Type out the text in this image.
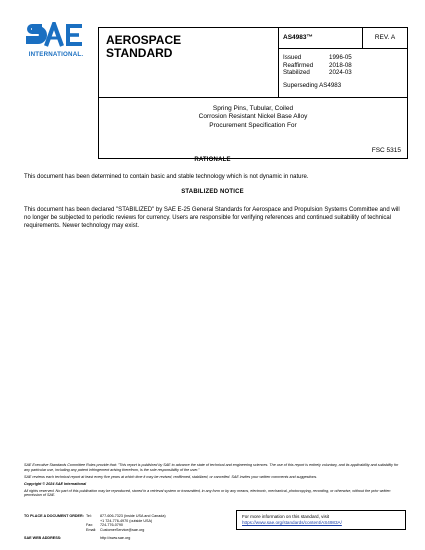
INTERNATIONAL.
AEROSPACE
STANDARD
AS4983™	REV. A
Issued	1996-05
Reaffirmed	2018-08
Stabilized	2024-03
Superseding AS4983
Spring Pins, Tubular, Coiled
Corrosion Resistant Nickel Base Alloy
Procurement Specification For
FSC 5315
RATIONALE
This document has been determined to contain basic and stable technology which is not dynamic in nature.
STABILIZED NOTICE
This document has been declared "STABILIZED" by SAE E-25 General Standards for Aerospace and Propulsion Systems Committee and will no longer be subjected to periodic reviews for currency. Users are responsible for verifying references and continued suitability of technical requirements. Newer technology may exist.

SAE Executive Standards Committee Rules provide that: "This report is published by SAE to advance the state of technical and engineering sciences. The use of this report is entirely voluntary, and its applicability and suitability for any particular use, including any patent infringement arising therefrom, is the sole responsibility of the user."

SAE reviews each technical report at least every five years at which time it may be revised, reaffirmed, stabilized, or cancelled. SAE invites your written comments and suggestions.

Copyright © 2024 SAE International

All rights reserved. No part of this publication may be reproduced, stored in a retrieval system or transmitted, in any form or by any means, electronic, mechanical, photocopying, recording, or otherwise, without the prior written permission of SAE.

TO PLACE A DOCUMENT ORDER: Tel:	877-606-7323 (inside USA and Canada)
+1 724-776-4970 (outside USA)
Fax:	724-776-0790
Email:	CustomerService@sae.org
SAE WEB ADDRESS:	http://www.sae.org
For more information on this standard, visit
https://www.sae.org/standards/content/AS4983A/
